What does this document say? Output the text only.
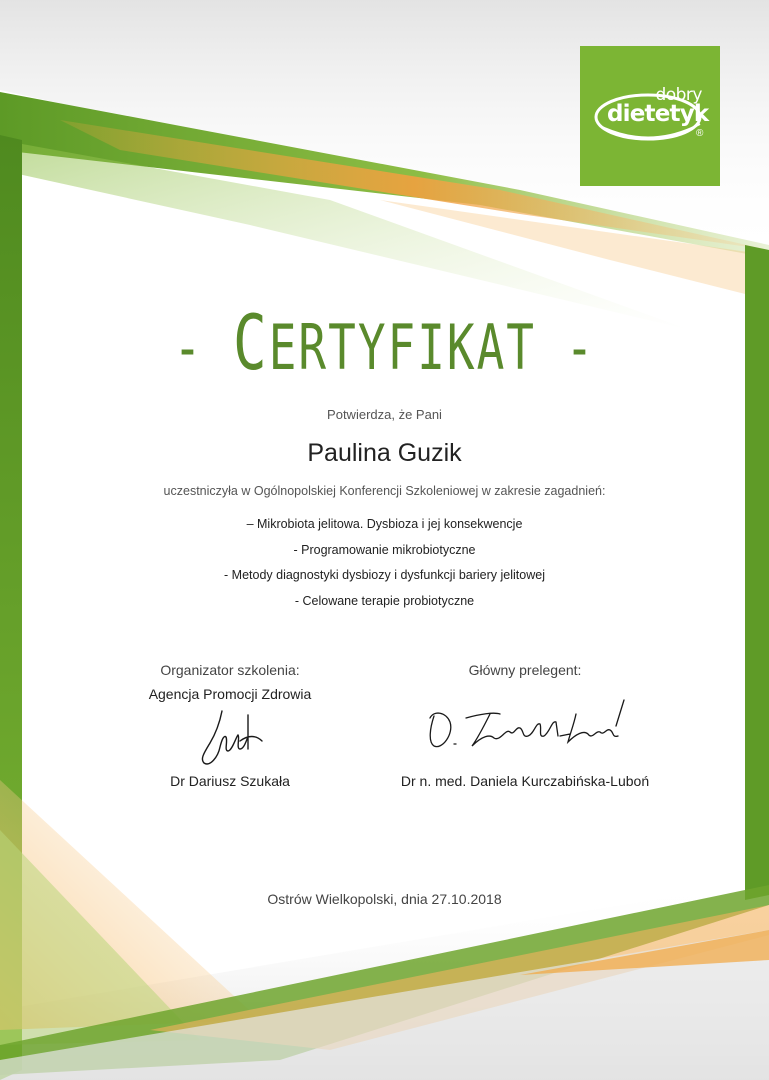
dobry
dietetyk
®
- CERTYFIKAT -
Potwierdza, że Pani
Paulina Guzik
uczestniczyła w Ogólnopolskiej Konferencji Szkoleniowej w zakresie zagadnień:
– Mikrobiota jelitowa. Dysbioza i jej konsekwencje
- Programowanie mikrobiotyczne
- Metody diagnostyki dysbiozy i dysfunkcji bariery jelitowej
- Celowane terapie probiotyczne
Organizator szkolenia:
Agencja Promocji Zdrowia
Dr Dariusz Szukała
Główny prelegent:
Dr n. med. Daniela Kurczabińska-Luboń
Ostrów Wielkopolski, dnia 27.10.2018
